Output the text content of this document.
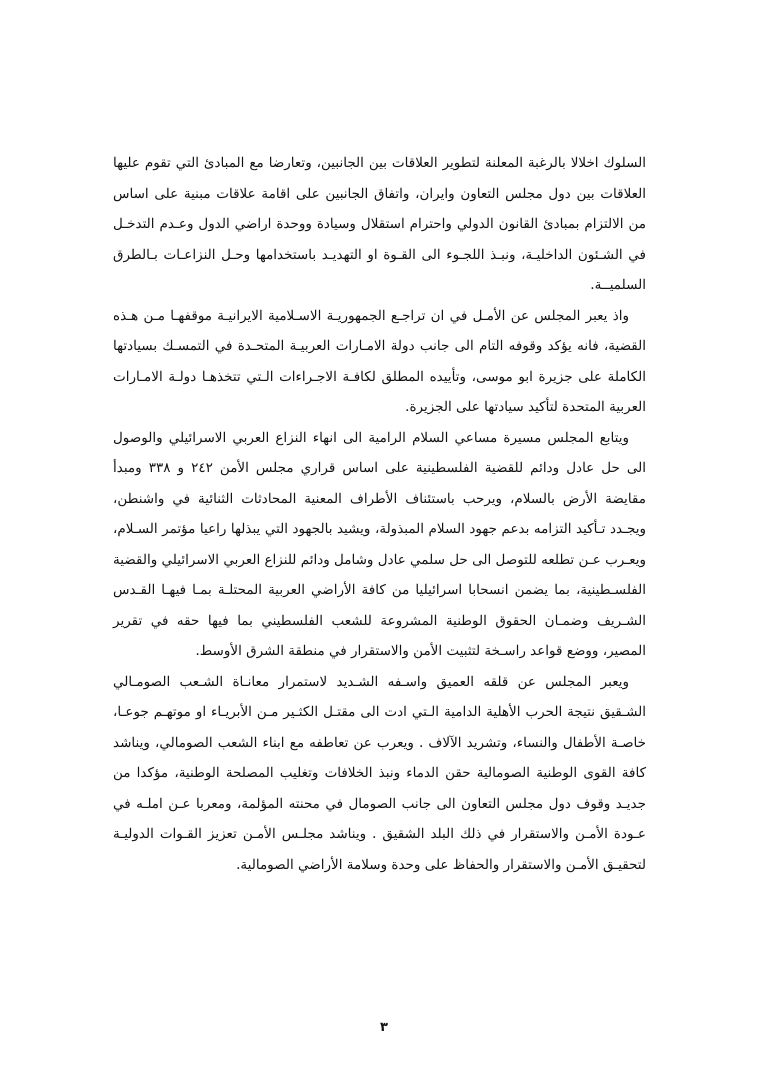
السلوك اخلالا بالرغبة المعلنة لتطوير العلاقات بين الجانبين، وتعارضا مع المبادئ التي تقوم عليها العلاقات بين دول مجلس التعاون وايران، واتفاق الجانبين على اقامة علاقات مبنية على اساس من الالتزام بمبادئ القانون الدولي واحترام استقلال وسيادة ووحدة اراضي الدول وعـدم التدخـل في الشـئون الداخليـة، ونبـذ اللجـوء الى القـوة او التهديـد باستخدامها وحـل النزاعـات بـالطرق السلميــة.

واذ يعبر المجلس عن الأمـل في ان تراجـع الجمهوريـة الاسـلامية الايرانيـة موقفهـا مـن هـذه القضية، فانه يؤكد وقوفه التام الى جانب دولة الامـارات العربيـة المتحـدة في التمسـك بسيادتها الكاملة على جزيرة ابو موسى، وتأييده المطلق لكافـة الاجـراءات الـتي تتخذهـا دولـة الامـارات العربية المتحدة لتأكيد سيادتها على الجزيرة.

ويتابع المجلس مسيرة مساعي السلام الرامية الى انهاء النزاع العربي الاسرائيلي والوصول الى حل عادل ودائم للقضية الفلسطينية على اساس قراري مجلس الأمن ٢٤٢ و ٣٣٨ ومبدأ مقايضة الأرض بالسلام، ويرحب باستئناف الأطراف المعنية المحادثات الثنائية في واشنطن، ويجـدد تـأكيد التزامه بدعم جهود السلام المبذولة، ويشيد بالجهود التي يبذلها راعيا مؤتمر السـلام، ويعـرب عـن تطلعه للتوصل الى حل سلمي عادل وشامل ودائم للنزاع العربي الاسرائيلي والقضية الفلسـطينية، بما يضمن انسحابا اسرائيليا من كافة الأراضي العربية المحتلـة بمـا فيهـا القـدس الشـريف وضمـان الحقوق الوطنية المشروعة للشعب الفلسطيني بما فيها حقه في تقرير المصير، ووضع قواعد راسـخة لتثبيت الأمن والاستقرار في منطقة الشرق الأوسط.

ويعبر المجلس عن قلقه العميق واسـفه الشـديد لاستمرار معانـاة الشـعب الصومـالي الشـقيق نتيجة الحرب الأهلية الدامية الـتي ادت الى مقتـل الكثـير مـن الأبريـاء او موتهـم جوعـا، خاصـة الأطفال والنساء، وتشريد الآلاف . ويعرب عن تعاطفه مع ابناء الشعب الصومالي، ويناشد كافة القوى الوطنية الصومالية حقن الدماء ونبذ الخلافات وتغليب المصلحة الوطنية، مؤكدا من جديـد وقوف دول مجلس التعاون الى جانب الصومال في محنته المؤلمة، ومعربا عـن املـه في عـودة الأمـن والاستقرار في ذلك البلد الشقيق . ويناشد مجلـس الأمـن تعزيز القـوات الدوليـة لتحقيـق الأمـن والاستقرار والحفاظ على وحدة وسلامة الأراضي الصومالية.

٣
